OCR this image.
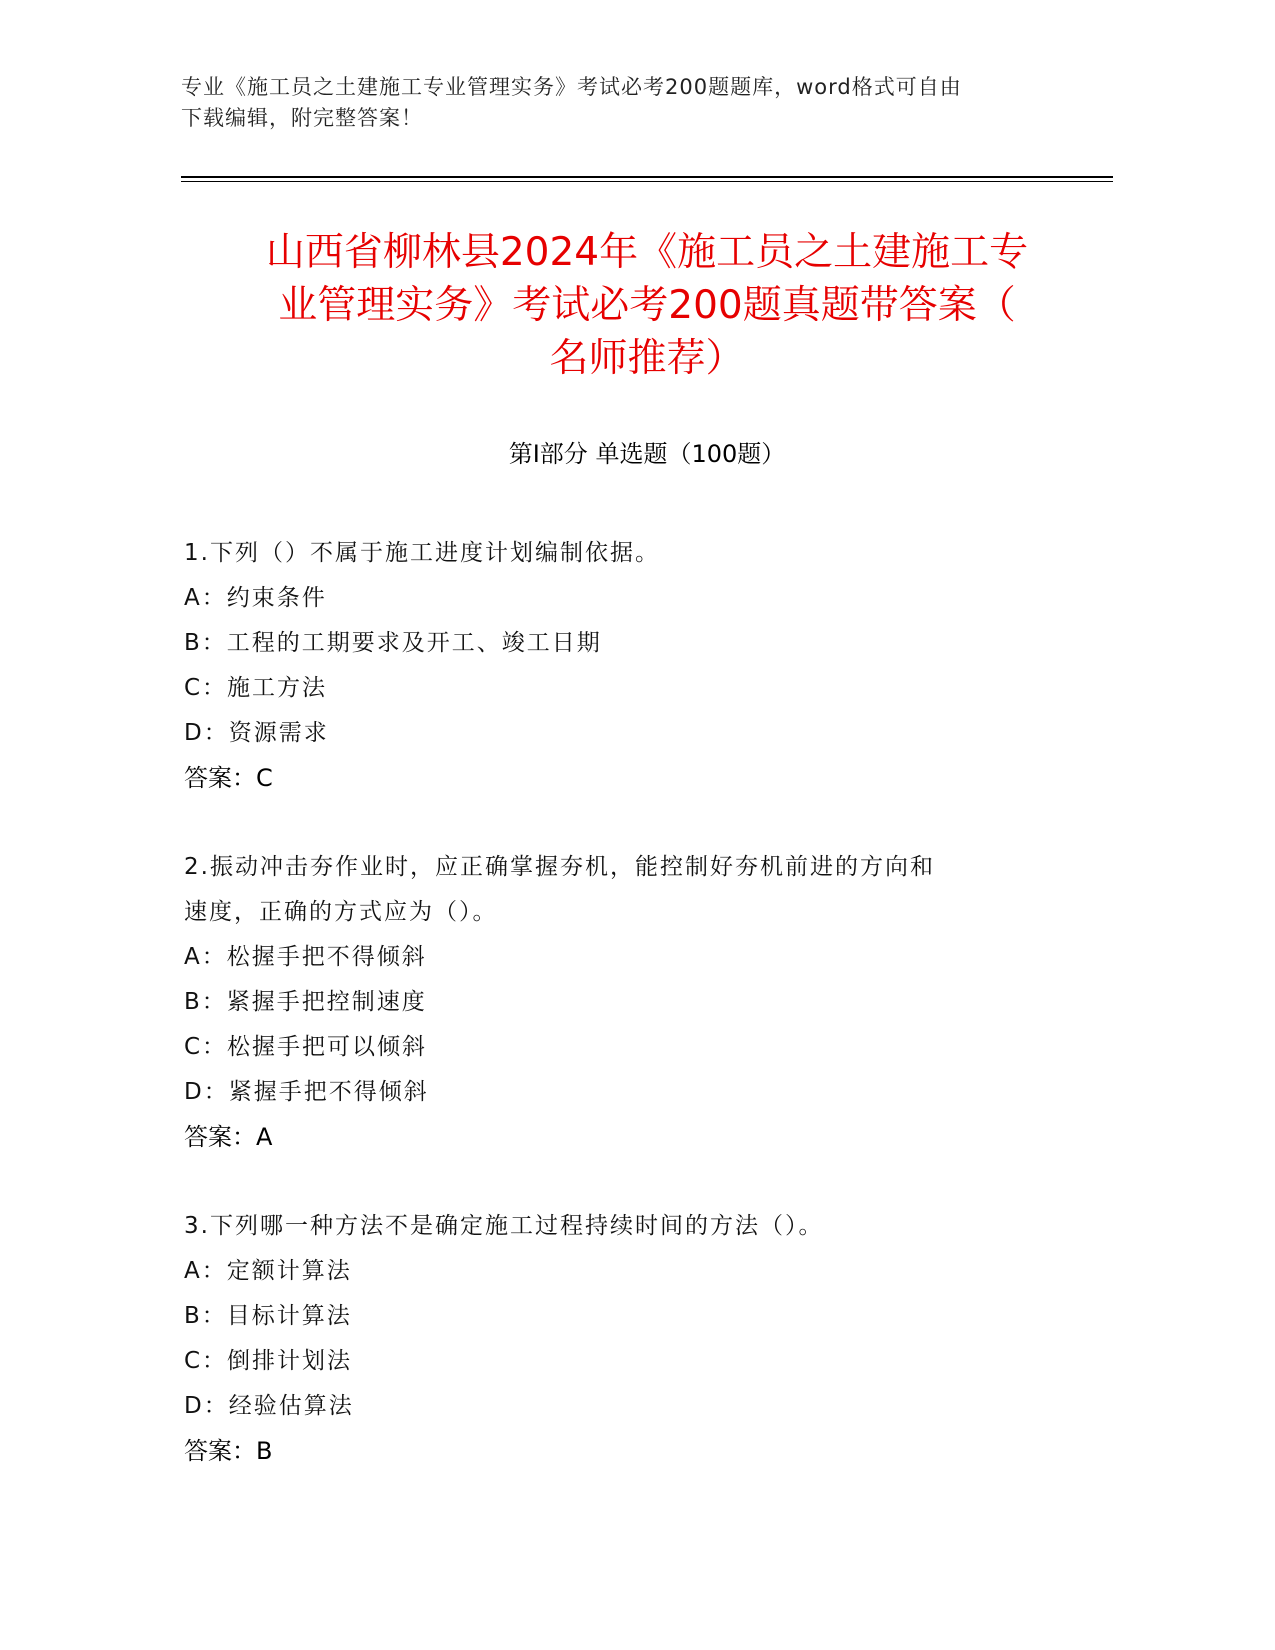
专业《施工员之土建施工专业管理实务》考试必考200题题库，word格式可自由
下载编辑，附完整答案！
山西省柳林县2024年《施工员之土建施工专
业管理实务》考试必考200题真题带答案（
名师推荐）
第Ⅰ部分 单选题（100题）
1.下列（）不属于施工进度计划编制依据。
A：约束条件
B：工程的工期要求及开工、竣工日期
C：施工方法
D：资源需求
答案：C
2.振动冲击夯作业时，应正确掌握夯机，能控制好夯机前进的方向和
速度，正确的方式应为（）。
A：松握手把不得倾斜
B：紧握手把控制速度
C：松握手把可以倾斜
D：紧握手把不得倾斜
答案：A
3.下列哪一种方法不是确定施工过程持续时间的方法（）。
A：定额计算法
B：目标计算法
C：倒排计划法
D：经验估算法
答案：B
